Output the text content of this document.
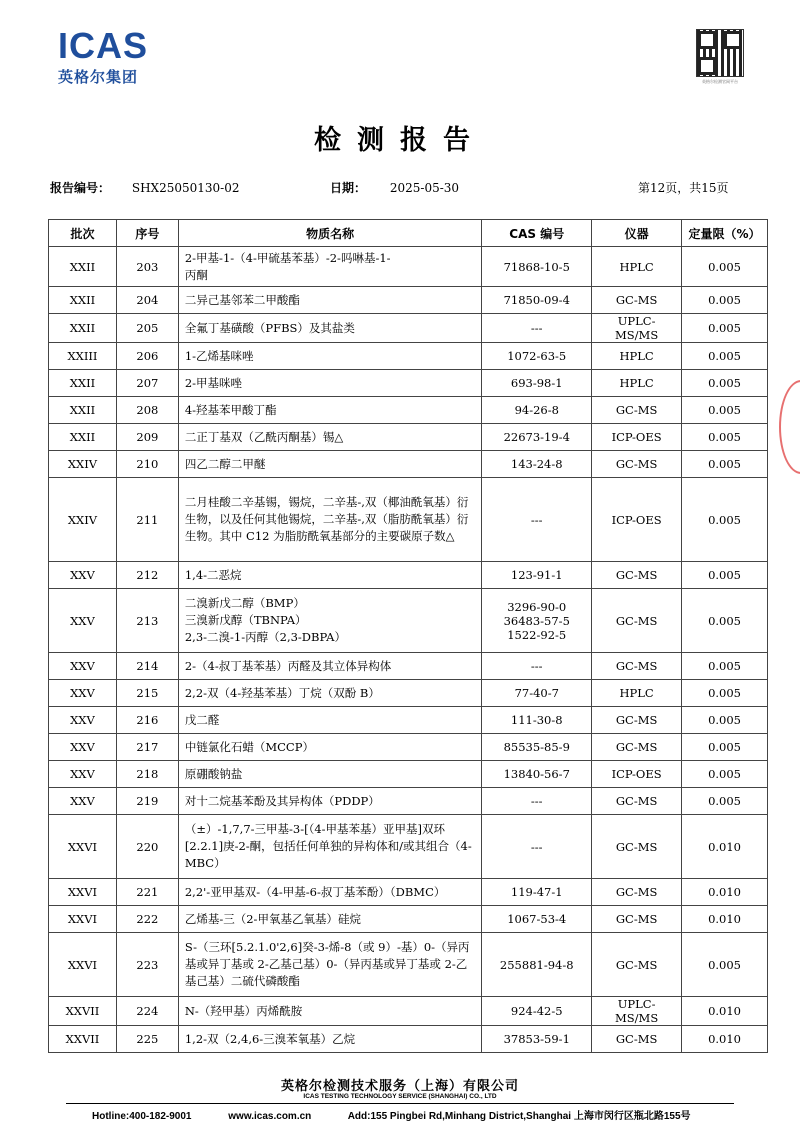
ICAS
英格尔集团	英格尔检测官网平台
检测报告
报告编号： SHX25050130-02	日期： 2025-05-30	第12页，共15页
批次	序号	物质名称	CAS 编号	仪器	定量限（%）
XXII	203	2-甲基-1-（4-甲硫基苯基）-2-吗啉基-1-
丙酮	71868-10-5	HPLC	0.005
XXII	204	二异己基邻苯二甲酸酯	71850-09-4	GC-MS	0.005
XXII	205	全氟丁基磺酸（PFBS）及其盐类	---	UPLC-MS/MS	0.005
XXIII	206	1-乙烯基咪唑	1072-63-5	HPLC	0.005
XXII	207	2-甲基咪唑	693-98-1	HPLC	0.005
XXII	208	4-羟基苯甲酸丁酯	94-26-8	GC-MS	0.005
XXII	209	二正丁基双（乙酰丙酮基）锡△	22673-19-4	ICP-OES	0.005
XXIV	210	四乙二醇二甲醚	143-24-8	GC-MS	0.005
XXIV	211	二月桂酸二辛基锡，锡烷，二辛基-,双（椰油酰氧基）衍生物，以及任何其他锡烷，二辛基-,双（脂肪酰氧基）衍生物。其中 C12 为脂肪酰氧基部分的主要碳原子数△	---	ICP-OES	0.005
XXV	212	1,4-二恶烷	123-91-1	GC-MS	0.005
XXV	213	二溴新戊二醇（BMP）
三溴新戊醇（TBNPA）
2,3-二溴-1-丙醇（2,3-DBPA）	3296-90-0
36483-57-5
1522-92-5	GC-MS	0.005
XXV	214	2-（4-叔丁基苯基）丙醛及其立体异构体	---	GC-MS	0.005
XXV	215	2,2-双（4-羟基苯基）丁烷（双酚 B）	77-40-7	HPLC	0.005
XXV	216	戊二醛	111-30-8	GC-MS	0.005
XXV	217	中链氯化石蜡（MCCP）	85535-85-9	GC-MS	0.005
XXV	218	原硼酸钠盐	13840-56-7	ICP-OES	0.005
XXV	219	对十二烷基苯酚及其异构体（PDDP）	---	GC-MS	0.005
XXVI	220	（±）-1,7,7-三甲基-3-[（4-甲基苯基）亚甲基]双环[2.2.1]庚-2-酮，包括任何单独的异构体和/或其组合（4-MBC）	---	GC-MS	0.010
XXVI	221	2,2'-亚甲基双-（4-甲基-6-叔丁基苯酚）（DBMC）	119-47-1	GC-MS	0.010
XXVI	222	乙烯基-三（2-甲氧基乙氧基）硅烷	1067-53-4	GC-MS	0.010
XXVI	223	S-（三环[5.2.1.0'2,6]癸-3-烯-8（或 9）-基）0-（异丙基或异丁基或 2-乙基己基）0-（异丙基或异丁基或 2-乙基己基）二硫代磷酸酯	255881-94-8	GC-MS	0.005
XXVII	224	N-（羟甲基）丙烯酰胺	924-42-5	UPLC-MS/MS	0.010
XXVII	225	1,2-双（2,4,6-三溴苯氧基）乙烷	37853-59-1	GC-MS	0.010
英格尔检测技术服务（上海）有限公司
ICAS TESTING TECHNOLOGY SERVICE (SHANGHAI) CO., LTD
Hotline:400-182-9001	www.icas.com.cn	Add:155 Pingbei Rd,Minhang District,Shanghai 上海市闵行区瓶北路155号
